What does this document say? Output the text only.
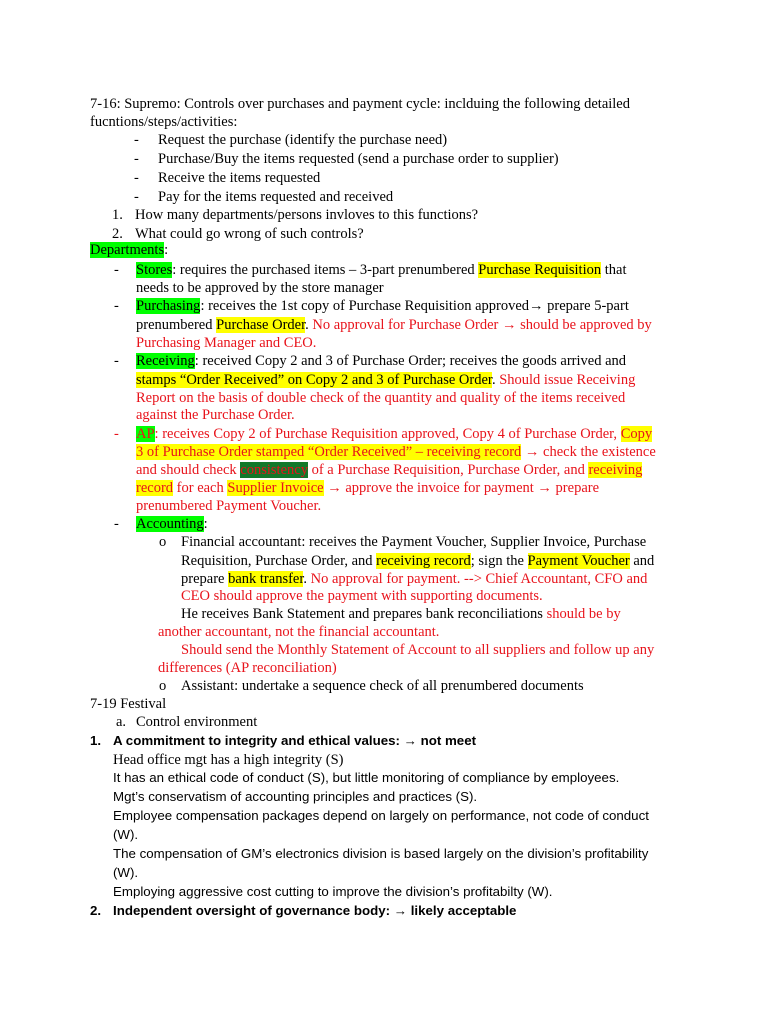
7-16: Supremo: Controls over purchases and payment cycle: inclduing the following detailed
fucntions/steps/activities:
- Request the purchase (identify the purchase need)
- Purchase/Buy the items requested (send a purchase order to supplier)
- Receive the items requested
- Pay for the items requested and received
1. How many departments/persons invloves to this functions?
2. What could go wrong of such controls?
Departments:
- Stores: requires the purchased items – 3-part prenumbered Purchase Requisition that
needs to be approved by the store manager
- Purchasing: receives the 1st copy of Purchase Requisition approved→ prepare 5-part
prenumbered Purchase Order. No approval for Purchase Order → should be approved by
Purchasing Manager and CEO.
- Receiving: received Copy 2 and 3 of Purchase Order; receives the goods arrived and
stamps “Order Received” on Copy 2 and 3 of Purchase Order. Should issue Receiving
Report on the basis of double check of the quantity and quality of the items received
against the Purchase Order.
- AP: receives Copy 2 of Purchase Requisition approved, Copy 4 of Purchase Order, Copy
3 of Purchase Order stamped “Order Received” – receiving record → check the existence
and should check consistency of a Purchase Requisition, Purchase Order, and receiving
record for each Supplier Invoice → approve the invoice for payment → prepare
prenumbered Payment Voucher.
- Accounting:
o Financial accountant: receives the Payment Voucher, Supplier Invoice, Purchase
Requisition, Purchase Order, and receiving record; sign the Payment Voucher and
prepare bank transfer. No approval for payment. --> Chief Accountant, CFO and
CEO should approve the payment with supporting documents.
He receives Bank Statement and prepares bank reconciliations should be by
another accountant, not the financial accountant.
Should send the Monthly Statement of Account to all suppliers and follow up any
differences (AP reconciliation)
o Assistant: undertake a sequence check of all prenumbered documents
7-19 Festival
a. Control environment
1. A commitment to integrity and ethical values: → not meet
Head office mgt has a high integrity (S)
It has an ethical code of conduct (S), but little monitoring of compliance by employees.
Mgt’s conservatism of accounting principles and practices (S).
Employee compensation packages depend on largely on performance, not code of conduct
(W).
The compensation of GM’s electronics division is based largely on the division’s profitability
(W).
Employing aggressive cost cutting to improve the division’s profitabilty (W).
2. Independent oversight of governance body: → likely acceptable
